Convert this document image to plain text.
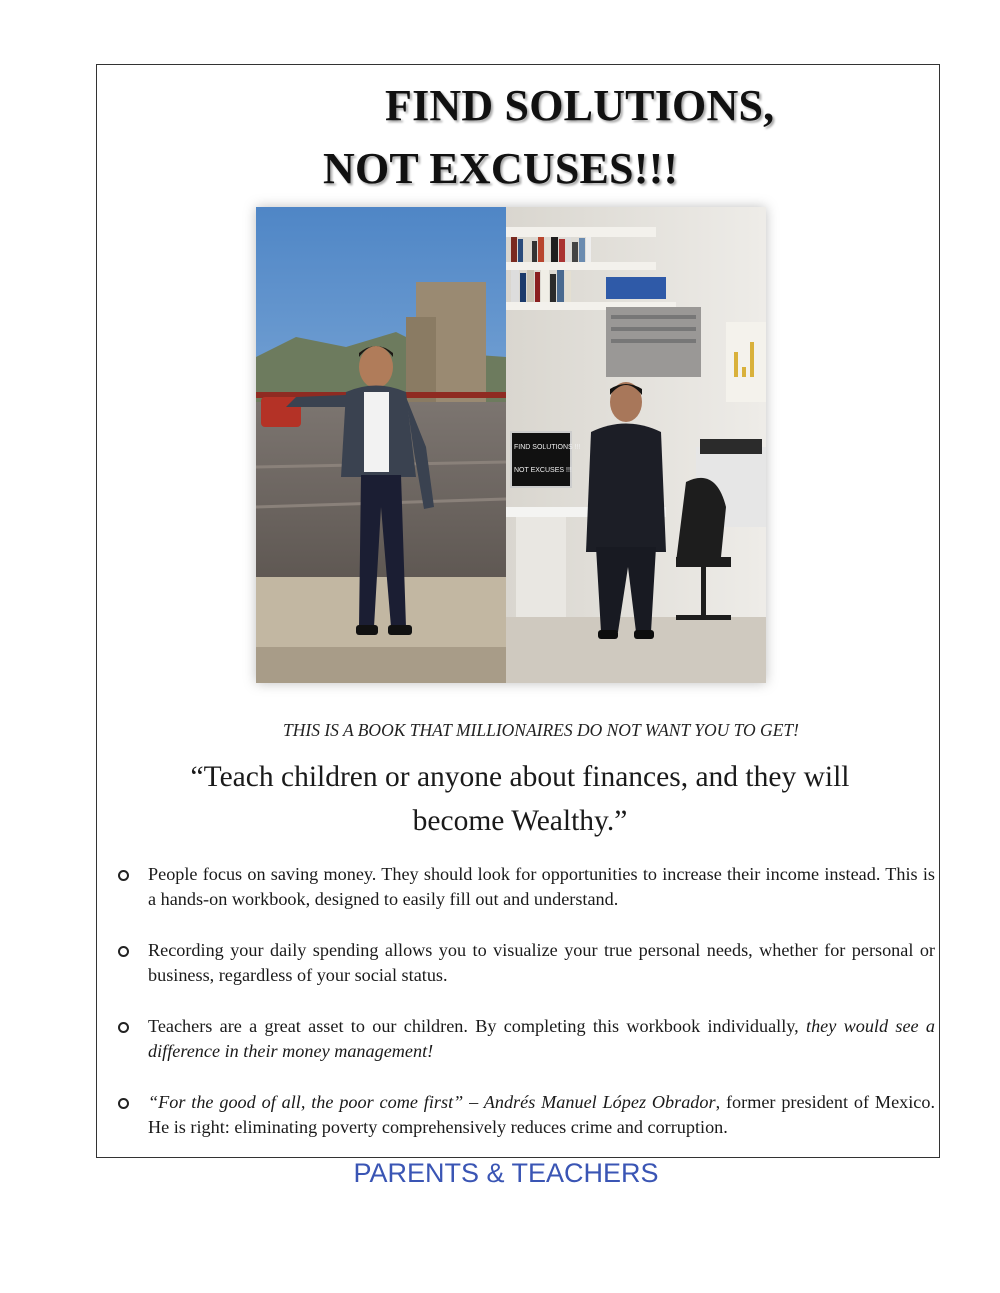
FIND SOLUTIONS,
NOT EXCUSES!!!
FIND SOLUTIONS !!!
NOT EXCUSES !!!
THIS IS A BOOK THAT MILLIONAIRES DO NOT WANT YOU TO GET!
“Teach children or anyone about finances, and they will
become Wealthy.”
People focus on saving money. They should look for opportunities to increase their income instead. This is a hands-on workbook, designed to easily fill out and understand.
Recording your daily spending allows you to visualize your true personal needs, whether for personal or business, regardless of your social status.
Teachers are a great asset to our children. By completing this workbook individually, they would see a difference in their money management!
“For the good of all, the poor come first” – Andrés Manuel López Obrador, former president of Mexico. He is right: eliminating poverty comprehensively reduces crime and corruption.
PARENTS & TEACHERS
